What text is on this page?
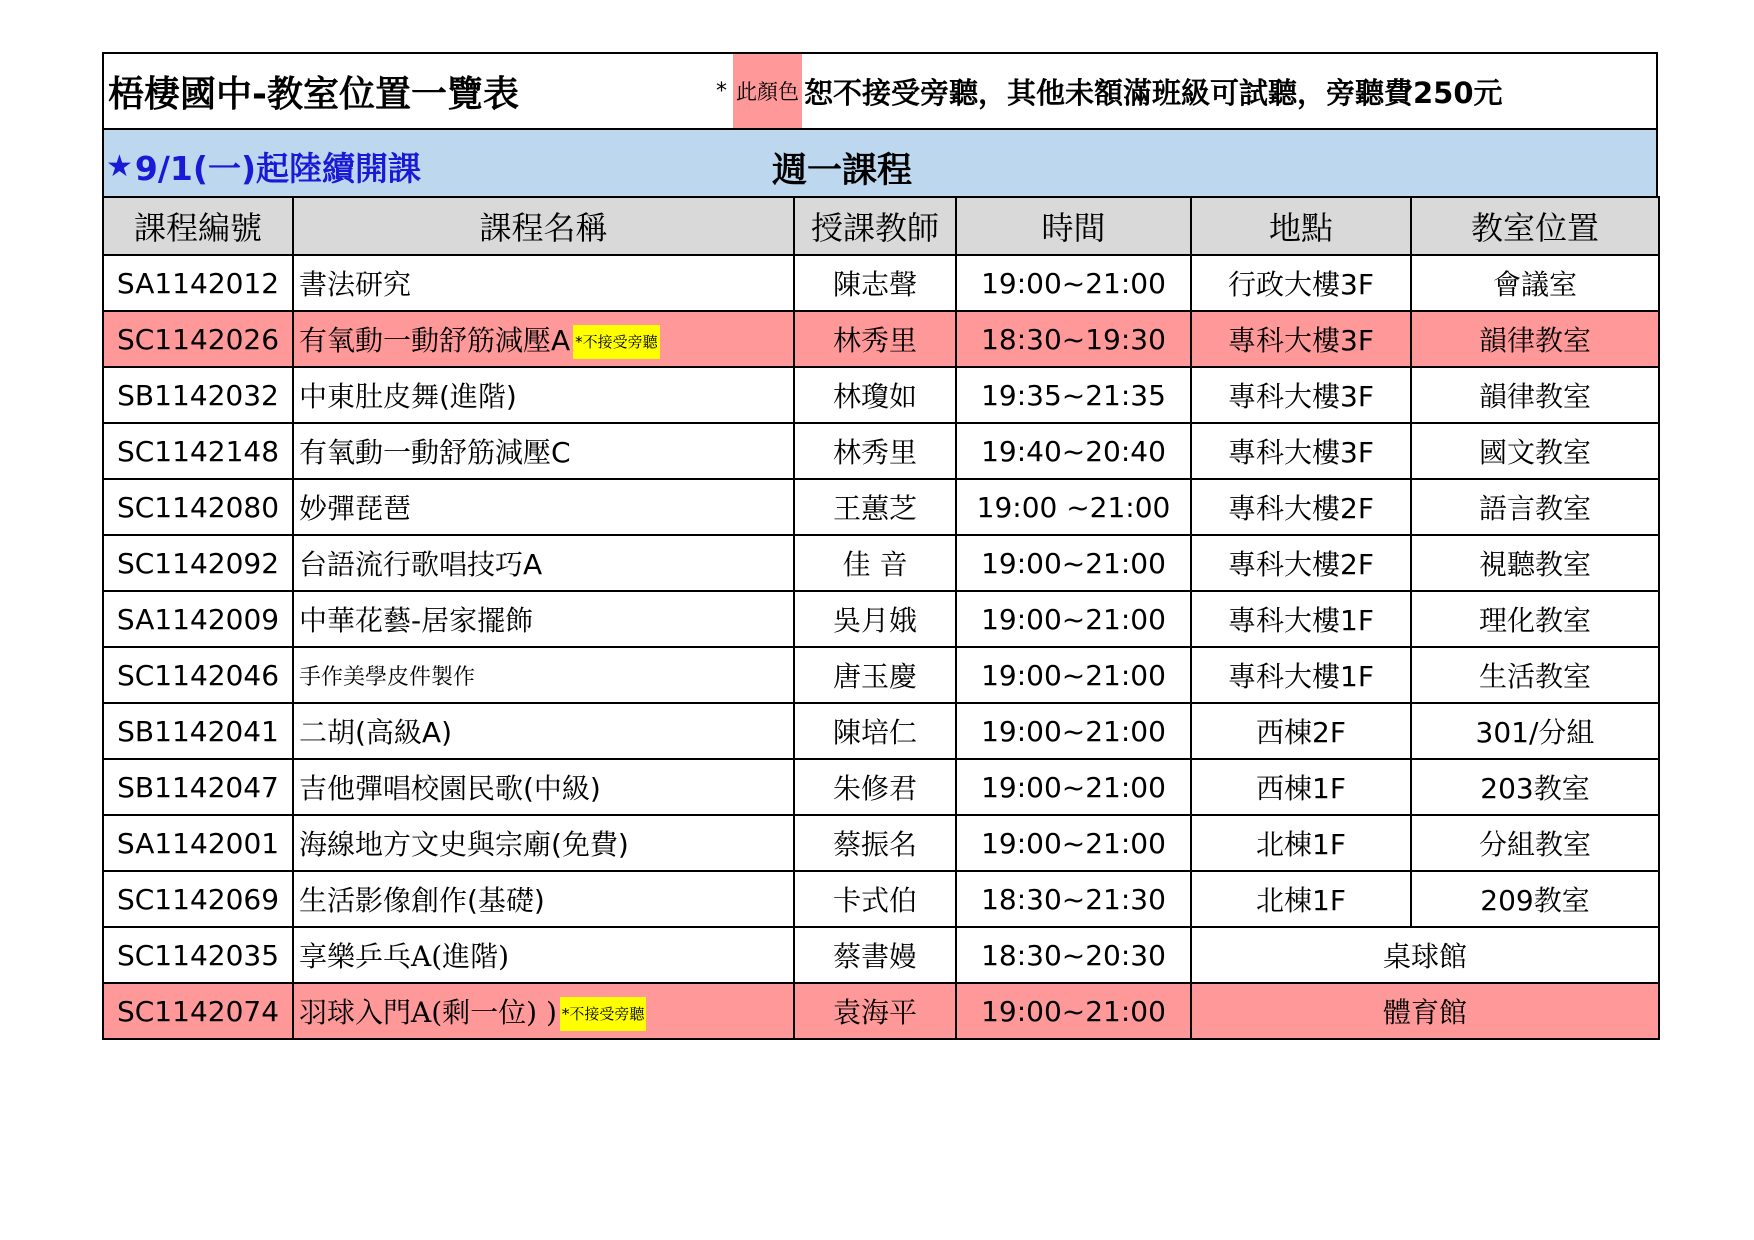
梧棲國中-教室位置一覽表	* 此顏色 恕不接受旁聽，其他未額滿班級可試聽，旁聽費250元
★ 9/1(一)起陸續開課	週一課程
課程編號	課程名稱	授課教師	時間	地點	教室位置
SA1142012	書法研究	陳志聲	19:00~21:00	行政大樓3F	會議室
SC1142026	有氧動一動舒筋減壓A *不接受旁聽	林秀里	18:30~19:30	專科大樓3F	韻律教室
SB1142032	中東肚皮舞(進階)	林瓊如	19:35~21:35	專科大樓3F	韻律教室
SC1142148	有氧動一動舒筋減壓C	林秀里	19:40~20:40	專科大樓3F	國文教室
SC1142080	妙彈琵琶	王蕙芝	19:00 ~21:00	專科大樓2F	語言教室
SC1142092	台語流行歌唱技巧A	佳 音	19:00~21:00	專科大樓2F	視聽教室
SA1142009	中華花藝-居家擺飾	吳月娥	19:00~21:00	專科大樓1F	理化教室
SC1142046	手作美學皮件製作	唐玉慶	19:00~21:00	專科大樓1F	生活教室
SB1142041	二胡(高級A)	陳培仁	19:00~21:00	西棟2F	301/分組
SB1142047	吉他彈唱校園民歌(中級)	朱修君	19:00~21:00	西棟1F	203教室
SA1142001	海線地方文史與宗廟(免費)	蔡振名	19:00~21:00	北棟1F	分組教室
SC1142069	生活影像創作(基礎)	卡式伯	18:30~21:30	北棟1F	209教室
SC1142035	享樂乒乓A(進階)	蔡書嫚	18:30~20:30	桌球館	
SC1142074	羽球入門A(剩一位) ) *不接受旁聽	袁海平	19:00~21:00	體育館	
